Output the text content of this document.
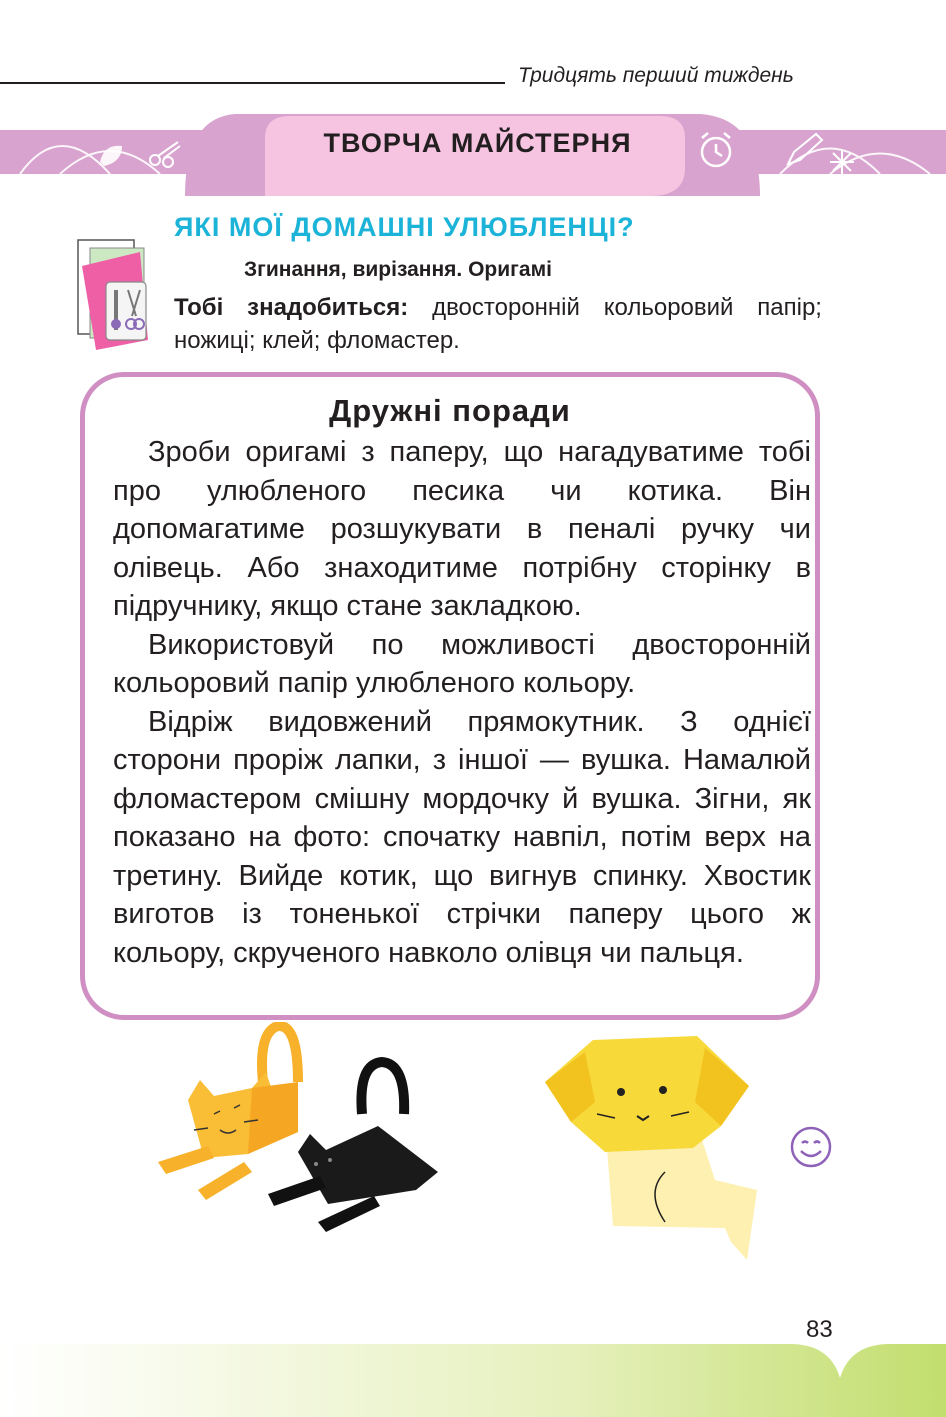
Тридцять перший тиждень
ТВОРЧА МАЙСТЕРНЯ
ЯКІ МОЇ ДОМАШНІ УЛЮБЛЕНЦІ?
Згинання, вирізання. Оригамі
Тобі знадобиться: двосторонній кольоровий папір; ножиці; клей; фломастер.
Дружні поради

Зроби оригамі з паперу, що нагадуватиме тобі про улюбленого песика чи котика. Він допомагатиме розшукувати в пеналі ручку чи олівець. Або знаходитиме потрібну сторінку в підручнику, якщо стане закладкою.

Використовуй по можливості двосторонній кольоровий папір улюбленого кольору.

Відріж видовжений прямокутник. З однієї сторони проріж лапки, з іншої — вушка. Намалюй фломастером смішну мордочку й вушка. Зігни, як показано на фото: спочатку навпіл, потім верх на третину. Вийде котик, що вигнув спинку. Хвостик виготов із тоненької стрічки паперу цього ж кольору, скрученого навколо олівця чи пальця.

83
